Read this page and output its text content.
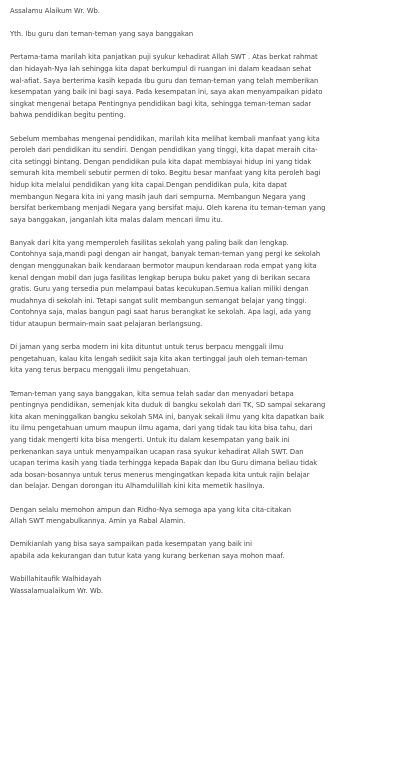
Assalamu Alaikum Wr. Wb.

Yth. Ibu guru dan teman-teman yang saya banggakan

Pertama-tama marilah kita panjatkan puji syukur kehadirat Allah SWT . Atas berkat rahmat
dan hidayah-Nya lah sehingga kita dapat berkumpul di ruangan ini dalam keadaan sehat
wal-afiat. Saya berterima kasih kepada Ibu guru dan teman-teman yang telah memberikan
kesempatan yang baik ini bagi saya. Pada kesempatan ini, saya akan menyampaikan pidato
singkat mengenai betapa Pentingnya pendidikan bagi kita, sehingga teman-teman sadar
bahwa pendidikan begitu penting.

Sebelum membahas mengenai pendidikan, marilah kita melihat kembali manfaat yang kita
peroleh dari pendidikan itu sendiri. Dengan pendidikan yang tinggi, kita dapat meraih cita-
cita setinggi bintang. Dengan pendidikan pula kita dapat membiayai hidup ini yang tidak
semurah kita membeli sebutir permen di toko. Begitu besar manfaat yang kita peroleh bagi
hidup kita melalui pendidikan yang kita capai.Dengan pendidikan pula, kita dapat
membangun Negara kita ini yang masih jauh dari sempurna. Membangun Negara yang
bersifat berkembang menjadi Negara yang bersifat maju. Oleh karena itu teman-teman yang
saya banggakan, janganlah kita malas dalam mencari ilmu itu.

Banyak dari kita yang memperoleh fasilitas sekolah yang paling baik dan lengkap.
Contohnya saja,mandi pagi dengan air hangat, banyak teman-teman yang pergi ke sekolah
dengan menggunakan baik kendaraan bermotor maupun kendaraan roda empat yang kita
kenal dengan mobil dan juga fasilitas lengkap berupa buku paket yang di berikan secara
gratis. Guru yang tersedia pun melampaui batas kecukupan.Semua kalian miliki dengan
mudahnya di sekolah ini. Tetapi sangat sulit membangun semangat belajar yang tinggi.
Contohnya saja, malas bangun pagi saat harus berangkat ke sekolah. Apa lagi, ada yang
tidur ataupun bermain-main saat pelajaran berlangsung.

Di jaman yang serba modern ini kita dituntut untuk terus berpacu menggali ilmu
pengetahuan, kalau kita lengah sedikit saja kita akan tertinggal jauh oleh teman-teman
kita yang terus berpacu menggali ilmu pengetahuan.

Teman-teman yang saya banggakan, kita semua telah sadar dan menyadari betapa
pentingnya pendidikan, semenjak kita duduk di bangku sekolah dari TK, SD sampai sekarang
kita akan meninggalkan bangku sekolah SMA ini, banyak sekali ilmu yang kita dapatkan baik
itu ilmu pengetahuan umum maupun ilmu agama, dari yang tidak tau kita bisa tahu, dari
yang tidak mengerti kita bisa mengerti. Untuk itu dalam kesempatan yang baik ini
perkenankan saya untuk menyampaikan ucapan rasa syukur kehadirat Allah SWT. Dan
ucapan terima kasih yang tiada terhingga kepada Bapak dan Ibu Guru dimana beliau tidak
ada bosan-bosannya untuk terus menerus mengingatkan kepada kita untuk rajin belajar
dan belajar. Dengan dorongan itu Alhamdulillah kini kita memetik hasilnya.

Dengan selalu memohon ampun dan Ridho-Nya semoga apa yang kita cita-citakan
Allah SWT mengabulkannya. Amin ya Rabal Alamin.

Demikianlah yang bisa saya sampaikan pada kesempatan yang baik ini
apabila ada kekurangan dan tutur kata yang kurang berkenan saya mohon maaf.

Wabillahitaufik Walhidayah
Wassalamualaikum Wr. Wb.
